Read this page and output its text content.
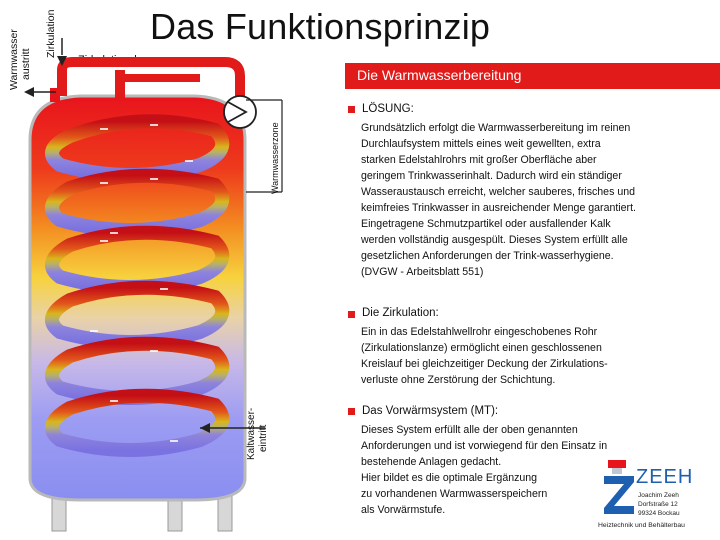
Das Funktionsprinzip
Warmwasser austritt
Zirkulation
Zirkulationslanze
Warmwasserzone
Kaltwasser- eintritt
Die Warmwasserbereitung
LÖSUNG:
Grundsätzlich erfolgt die Warmwasserbereitung im reinen
Durchlaufsystem mittels eines weit gewellten, extra
starken Edelstahlrohrs mit großer Oberfläche aber
geringem Trinkwasserinhalt. Dadurch wird ein ständiger
Wasseraustausch erreicht, welcher sauberes, frisches und
keimfreies Trinkwasser in ausreichender Menge garantiert.
Eingetragene Schmutzpartikel oder ausfallender Kalk
werden vollständig ausgespült. Dieses System erfüllt alle
gesetzlichen Anforderungen der Trink-wasserhygiene.
(DVGW - Arbeitsblatt 551)
Die Zirkulation:
Ein in das Edelstahlwellrohr eingeschobenes Rohr
(Zirkulationslanze) ermöglicht einen geschlossenen
Kreislauf bei gleichzeitiger Deckung der Zirkulations-
verluste ohne Zerstörung der Schichtung.
Das Vorwärmsystem (MT):
Dieses System erfüllt alle der oben genannten
Anforderungen und ist vorwiegend für den Einsatz in
bestehende Anlagen gedacht.
Hier bildet es die optimale Ergänzung
zu vorhandenen Warmwasserspeichern
als Vorwärmstufe.
ZEEH
Joachim Zeeh
Dorfstraße 12
99324 Bockau
Heiztechnik und Behälterbau
